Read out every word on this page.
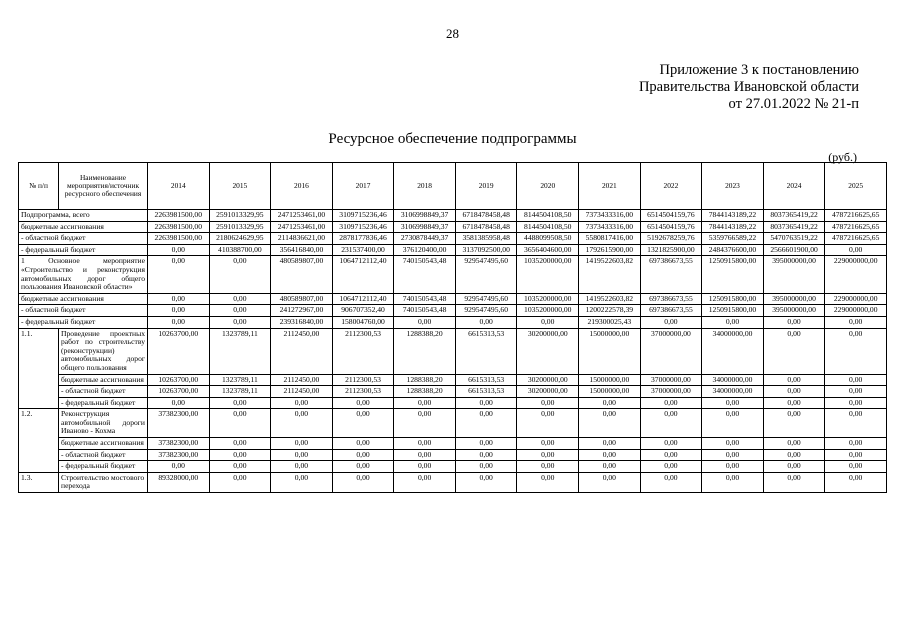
28
Приложение 3 к постановлению
Правительства Ивановской области
от 27.01.2022 № 21-п
Ресурсное обеспечение подпрограммы
(руб.)
№ п/п	Наименование мероприятия/источник ресурсного обеспечения	2014	2015	2016	2017	2018	2019	2020	2021	2022	2023	2024	2025
Подпрограмма, всего		2263981500,00	2591013329,95	2471253461,00	3109715236,46	3106998849,37	6718478458,48	8144504108,50	7373433316,00	6514504159,76	7844143189,22	8037365419,22	4787216625,65
бюджетные ассигнования		2263981500,00	2591013329,95	2471253461,00	3109715236,46	3106998849,37	6718478458,48	8144504108,50	7373433316,00	6514504159,76	7844143189,22	8037365419,22	4787216625,65
- областной бюджет		2263981500,00	2180624629,95	2114836621,00	2878177836,46	2730878449,37	3581385958,48	4488099508,50	5580817416,00	5192678259,76	5359766589,22	5470763519,22	4787216625,65
- федеральный бюджет		0,00	410388700,00	356416840,00	231537400,00	376120400,00	3137092500,00	3656404600,00	1792615900,00	1321825900,00	2484376600,00	2566601900,00	0,00
1 Основное мероприятие «Строительство и реконструкция автомобильных дорог общего пользования Ивановской области»		0,00	0,00	480589807,00	1064712112,40	740150543,48	929547495,60	1035200000,00	1419522603,82	697386673,55	1250915800,00	395000000,00	229000000,00
бюджетные ассигнования		0,00	0,00	480589807,00	1064712112,40	740150543,48	929547495,60	1035200000,00	1419522603,82	697386673,55	1250915800,00	395000000,00	229000000,00
- областной бюджет		0,00	0,00	241272967,00	906707352,40	740150543,48	929547495,60	1035200000,00	1200222578,39	697386673,55	1250915800,00	395000000,00	229000000,00
- федеральный бюджет		0,00	0,00	239316840,00	158004760,00	0,00	0,00	0,00	219300025,43	0,00	0,00	0,00	0,00
1.1.	Проведение проектных работ по строительству (реконструкции) автомобильных дорог общего пользования	10263700,00	1323789,11	2112450,00	2112300,53	1288388,20	6615313,53	30200000,00	15000000,00	37000000,00	34000000,00	0,00	0,00
	бюджетные ассигнования	10263700,00	1323789,11	2112450,00	2112300,53	1288388,20	6615313,53	30200000,00	15000000,00	37000000,00	34000000,00	0,00	0,00
	- областной бюджет	10263700,00	1323789,11	2112450,00	2112300,53	1288388,20	6615313,53	30200000,00	15000000,00	37000000,00	34000000,00	0,00	0,00
	- федеральный бюджет	0,00	0,00	0,00	0,00	0,00	0,00	0,00	0,00	0,00	0,00	0,00	0,00
1.2.	Реконструкция автомобильной дороги Иваново - Кохма	37382300,00	0,00	0,00	0,00	0,00	0,00	0,00	0,00	0,00	0,00	0,00	0,00
	бюджетные ассигнования	37382300,00	0,00	0,00	0,00	0,00	0,00	0,00	0,00	0,00	0,00	0,00	0,00
	- областной бюджет	37382300,00	0,00	0,00	0,00	0,00	0,00	0,00	0,00	0,00	0,00	0,00	0,00
	- федеральный бюджет	0,00	0,00	0,00	0,00	0,00	0,00	0,00	0,00	0,00	0,00	0,00	0,00
1.3.	Строительство мостового перехода	89328000,00	0,00	0,00	0,00	0,00	0,00	0,00	0,00	0,00	0,00	0,00	0,00
